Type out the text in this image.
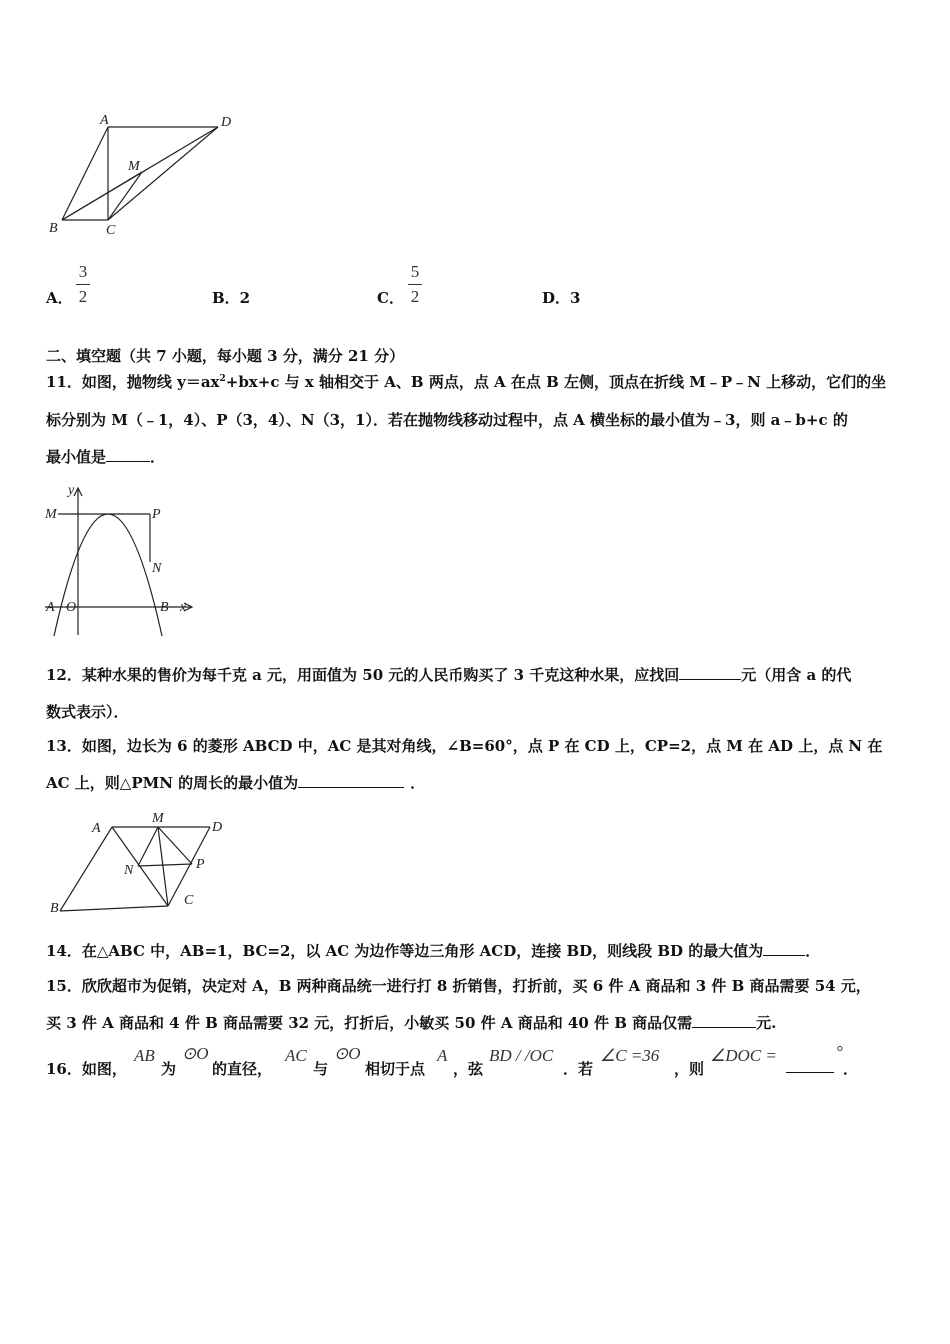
A	D
M
B	C
A．
3
2	B．2	C．
5
2	D．3
二、填空题（共 7 小题，每小题 3 分，满分 21 分）
11．如图，抛物线 $y=ax^2+bx+c$ 与 x 轴相交于 A、B 两点，点 A 在点 B 左侧，顶点在折线 M﹣P﹣N 上移动，它们的坐
标分别为 M（﹣1，4）、P（3，4）、N（3，1）．若在抛物线移动过程中，点 A 横坐标的最小值为﹣3，则 a﹣b+c 的
最小值是	．
y
M	P
N
A O	B x
12．某种水果的售价为每千克 a 元，用面值为 50 元的人民币购买了 3 千克这种水果，应找回	元（用含 a 的代
数式表示）．
13．如图，边长为 6 的菱形 ABCD 中，AC 是其对角线，∠B=60°，点 P 在 CD 上，CP=2，点 M 在 AD 上，点 N 在
AC 上，则△PMN 的周长的最小值为	．
A
M
D
N	P
B
C
14．在△ABC 中，AB=1，BC=2，以 AC 为边作等边三角形 ACD，连接 BD，则线段 BD 的最大值为	．
15．欣欣超市为促销，决定对 A，B 两种商品统一进行打 8 折销售，打折前，买 6 件 A 商品和 3 件 B 商品需要 54 元，
买 3 件 A 商品和 4 件 B 商品需要 32 元，打折后，小敏买 50 件 A 商品和 40 件 B 商品仅需	元.
16．如图，
AB
为
⊙O
的直径，
AC
与
⊙O
相切于点
A
，弦
BD / /OC
．若
∠C =36
，则
∠DOC =	°
．
